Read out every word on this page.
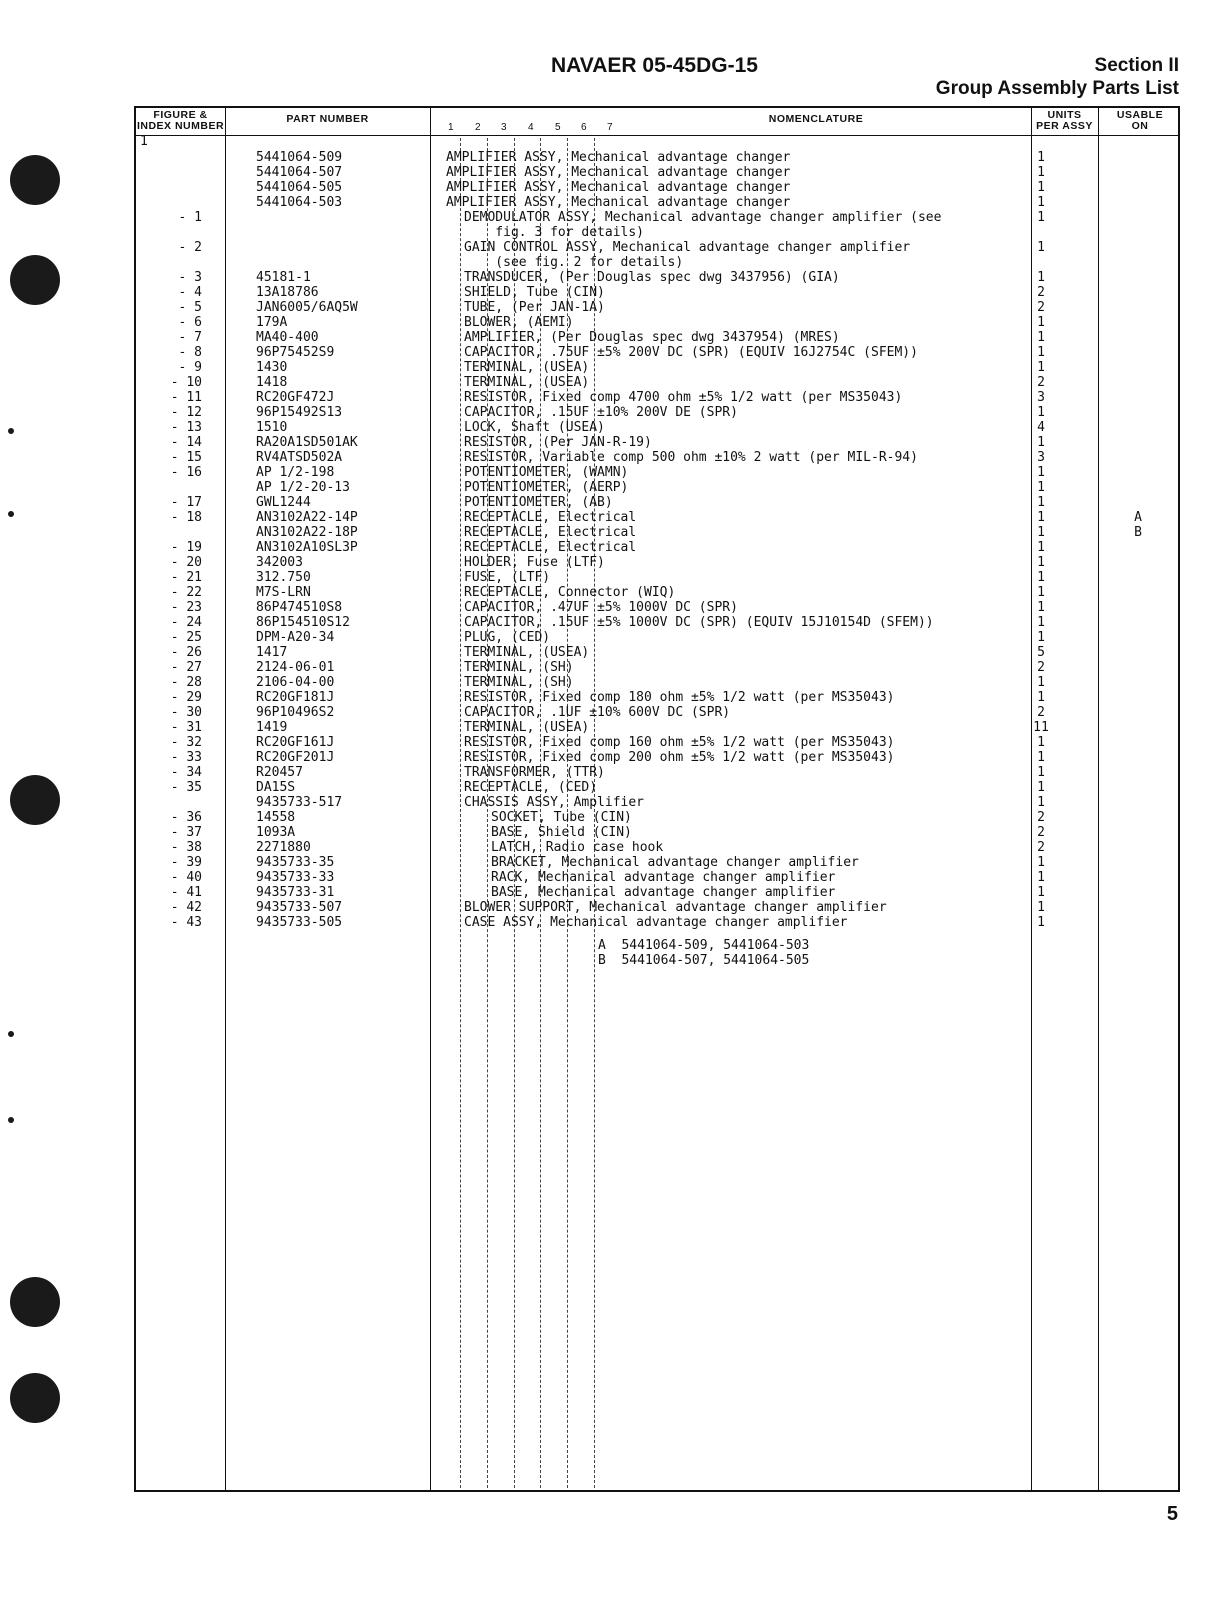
NAVAER 05-45DG-15	Section II
Group Assembly Parts List
FIGURE &
INDEX NUMBER
PART NUMBER
1 2 3 4 5 6 7
NOMENCLATURE	UNITS
PER ASSY
USABLE
ON

1

5441064-509	AMPLIFIER ASSY, Mechanical advantage changer	1
5441064-507	AMPLIFIER ASSY, Mechanical advantage changer	1
5441064-505	AMPLIFIER ASSY, Mechanical advantage changer	1
5441064-503	AMPLIFIER ASSY, Mechanical advantage changer	1
- 1	DEMODULATOR ASSY, Mechanical advantage changer amplifier (see	1
fig. 3 for details)
- 2	GAIN CONTROL ASSY, Mechanical advantage changer amplifier	1
(see fig. 2 for details)
- 3	45181-1	TRANSDUCER, (Per Douglas spec dwg 3437956) (GIA)	1
- 4	13A18786	SHIELD, Tube (CIN)	2
- 5	JAN6005/6AQ5W	TUBE, (Per JAN-1A)	2
- 6	179A	BLOWER, (AEMI)	1
- 7	MA40-400	AMPLIFIER, (Per Douglas spec dwg 3437954) (MRES)	1
- 8	96P75452S9	CAPACITOR, .75UF ±5% 200V DC (SPR) (EQUIV 16J2754C (SFEM))	1
- 9	1430	TERMINAL, (USEA)	1
- 10	1418	TERMINAL, (USEA)	2
- 11	RC20GF472J	RESISTOR, Fixed comp 4700 ohm ±5% 1/2 watt (per MS35043)	3
- 12	96P15492S13	CAPACITOR, .15UF ±10% 200V DE (SPR)	1
- 13	1510	LOCK, Shaft (USEA)	4
- 14	RA20A1SD501AK	RESISTOR, (Per JAN-R-19)	1
- 15	RV4ATSD502A	RESISTOR, Variable comp 500 ohm ±10% 2 watt (per MIL-R-94)	3
- 16	AP 1/2-198	POTENTIOMETER, (WAMN)	1
AP 1/2-20-13	POTENTIOMETER, (AERP)	1
- 17	GWL1244	POTENTIOMETER, (AB)	1
- 18	AN3102A22-14P	RECEPTACLE, Electrical	1	A
AN3102A22-18P	RECEPTACLE, Electrical	1	B
- 19	AN3102A10SL3P	RECEPTACLE, Electrical	1
- 20	342003	HOLDER, Fuse (LTF)	1
- 21	312.750	FUSE, (LTF)	1
- 22	M7S-LRN	RECEPTACLE, Connector (WIQ)	1
- 23	86P474510S8	CAPACITOR, .47UF ±5% 1000V DC (SPR)	1
- 24	86P154510S12	CAPACITOR, .15UF ±5% 1000V DC (SPR) (EQUIV 15J10154D (SFEM))	1
- 25	DPM-A20-34	PLUG, (CED)	1
- 26	1417	TERMINAL, (USEA)	5
- 27	2124-06-01	TERMINAL, (SH)	2
- 28	2106-04-00	TERMINAL, (SH)	1
- 29	RC20GF181J	RESISTOR, Fixed comp 180 ohm ±5% 1/2 watt (per MS35043)	1
- 30	96P10496S2	CAPACITOR, .1UF ±10% 600V DC (SPR)	2
- 31	1419	TERMINAL, (USEA)	11
- 32	RC20GF161J	RESISTOR, Fixed comp 160 ohm ±5% 1/2 watt (per MS35043)	1
- 33	RC20GF201J	RESISTOR, Fixed comp 200 ohm ±5% 1/2 watt (per MS35043)	1
- 34	R20457	TRANSFORMER, (TTR)	1
- 35	DA15S	RECEPTACLE, (CED)	1
9435733-517	CHASSIS ASSY, Amplifier	1
- 36	14558	SOCKET, Tube (CIN)	2
- 37	1093A	BASE, Shield (CIN)	2
- 38	2271880	LATCH, Radio case hook	2
- 39	9435733-35	BRACKET, Mechanical advantage changer amplifier	1
- 40	9435733-33	RACK, Mechanical advantage changer amplifier	1
- 41	9435733-31	BASE, Mechanical advantage changer amplifier	1
- 42	9435733-507	BLOWER SUPPORT, Mechanical advantage changer amplifier	1
- 43	9435733-505	CASE ASSY, Mechanical advantage changer amplifier	1
A 5441064-509, 5441064-503
B 5441064-507, 5441064-505
5
